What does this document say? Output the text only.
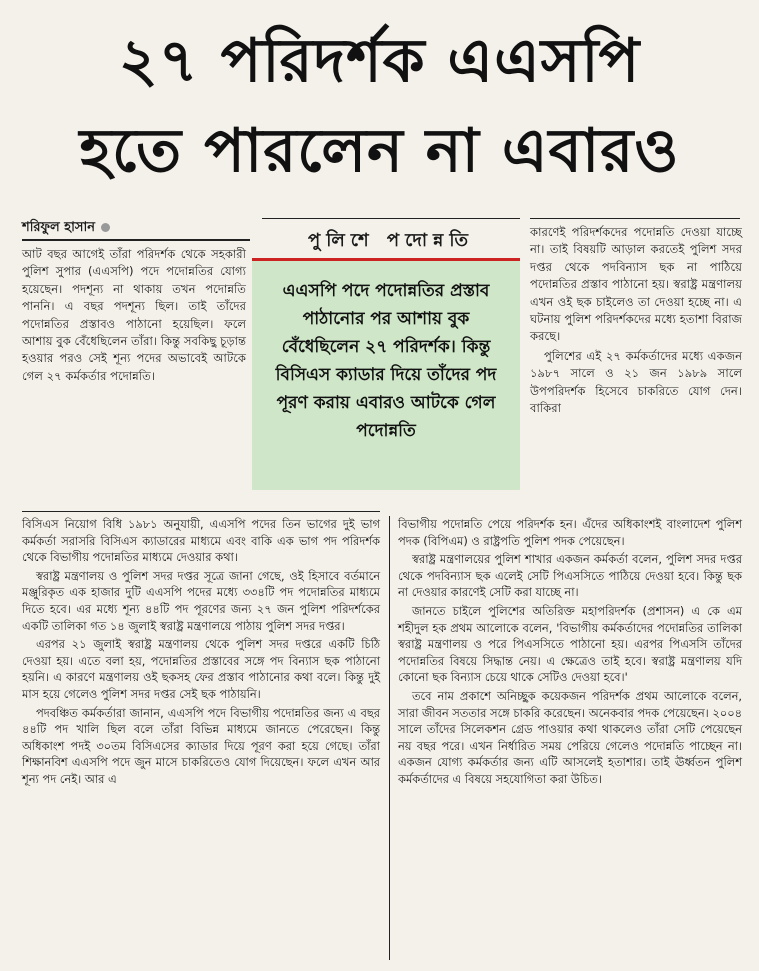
২৭ পরিদর্শক এএসপি
হতে পারলেন না এবারও
শরিফুল হাসান
পুলিশে পদোন্নতি
এএসপি পদে পদোন্নতির প্রস্তাব পাঠানোর পর আশায় বুক বেঁধেছিলেন ২৭ পরিদর্শক। কিন্তু বিসিএস ক্যাডার দিয়ে তাঁদের পদ পূরণ করায় এবারও আটকে গেল পদোন্নতি

আট বছর আগেই তাঁরা পরিদর্শক থেকে সহকারী পুলিশ সুপার (এএসপি) পদে পদোন্নতির যোগ্য হয়েছেন। পদশূন্য না থাকায় তখন পদোন্নতি পাননি। এ বছর পদশূন্য ছিল। তাই তাঁদের পদোন্নতির প্রস্তাবও পাঠানো হয়েছিল। ফলে আশায় বুক বেঁধেছিলেন তাঁরা। কিন্তু সবকিছু চূড়ান্ত হওয়ার পরও সেই শূন্য পদের অভাবেই আটকে গেল ২৭ কর্মকর্তার পদোন্নতি।

কারণেই পরিদর্শকদের পদোন্নতি দেওয়া যাচ্ছে না। তাই বিষয়টি আড়াল করতেই পুলিশ সদর দপ্তর থেকে পদবিন্যাস ছক না পাঠিয়ে পদোন্নতির প্রস্তাব পাঠানো হয়। স্বরাষ্ট্র মন্ত্রণালয় এখন ওই ছক চাইলেও তা দেওয়া হচ্ছে না। এ ঘটনায় পুলিশ পরিদর্শকদের মধ্যে হতাশা বিরাজ করছে।

পুলিশের এই ২৭ কর্মকর্তাদের মধ্যে একজন ১৯৮৭ সালে ও ২১ জন ১৯৮৯ সালে উপপরিদর্শক হিসেবে চাকরিতে যোগ দেন। বাকিরা

বিসিএস নিয়োগ বিধি ১৯৮১ অনুযায়ী, এএসপি পদের তিন ভাগের দুই ভাগ কর্মকর্তা সরাসরি বিসিএস ক্যাডারের মাধ্যমে এবং বাকি এক ভাগ পদ পরিদর্শক থেকে বিভাগীয় পদোন্নতির মাধ্যমে দেওয়ার কথা।

স্বরাষ্ট্র মন্ত্রণালয় ও পুলিশ সদর দপ্তর সূত্রে জানা গেছে, ওই হিসাবে বর্তমানে মঞ্জুরিকৃত এক হাজার দুটি এএসপি পদের মধ্যে ৩৩৪টি পদ পদোন্নতির মাধ্যমে দিতে হবে। এর মধ্যে শূন্য ৪৪টি পদ পূরণের জন্য ২৭ জন পুলিশ পরিদর্শকের একটি তালিকা গত ১৪ জুলাই স্বরাষ্ট্র মন্ত্রণালয়ে পাঠায় পুলিশ সদর দপ্তর।

এরপর ২১ জুলাই স্বরাষ্ট্র মন্ত্রণালয় থেকে পুলিশ সদর দপ্তরে একটি চিঠি দেওয়া হয়। এতে বলা হয়, পদোন্নতির প্রস্তাবের সঙ্গে পদ বিন্যাস ছক পাঠানো হয়নি। এ কারণে মন্ত্রণালয় ওই ছকসহ ফের প্রস্তাব পাঠানোর কথা বলে। কিন্তু দুই মাস হয়ে গেলেও পুলিশ সদর দপ্তর সেই ছক পাঠায়নি।

পদবঞ্চিত কর্মকর্তারা জানান, এএসপি পদে বিভাগীয় পদোন্নতির জন্য এ বছর ৪৪টি পদ খালি ছিল বলে তাঁরা বিভিন্ন মাধ্যমে জানতে পেরেছেন। কিন্তু অধিকাংশ পদই ৩০তম বিসিএসের ক্যাডার দিয়ে পূরণ করা হয়ে গেছে। তাঁরা শিক্ষানবিশ এএসপি পদে জুন মাসে চাকরিতেও যোগ দিয়েছেন। ফলে এখন আর শূন্য পদ নেই। আর এ

বিভাগীয় পদোন্নতি পেয়ে পরিদর্শক হন। এঁদের অধিকাংশই বাংলাদেশ পুলিশ পদক (বিপিএম) ও রাষ্ট্রপতি পুলিশ পদক পেয়েছেন।

স্বরাষ্ট্র মন্ত্রণালয়ের পুলিশ শাখার একজন কর্মকর্তা বলেন, পুলিশ সদর দপ্তর থেকে পদবিন্যাস ছক এলেই সেটি পিএসসিতে পাঠিয়ে দেওয়া হবে। কিন্তু ছক না দেওয়ার কারণেই সেটি করা যাচ্ছে না।

জানতে চাইলে পুলিশের অতিরিক্ত মহাপরিদর্শক (প্রশাসন) এ কে এম শহীদুল হক প্রথম আলোকে বলেন, 'বিভাগীয় কর্মকর্তাদের পদোন্নতির তালিকা স্বরাষ্ট্র মন্ত্রণালয় ও পরে পিএসসিতে পাঠানো হয়। এরপর পিএসসি তাঁদের পদোন্নতির বিষয়ে সিদ্ধান্ত নেয়। এ ক্ষেত্রেও তাই হবে। স্বরাষ্ট্র মন্ত্রণালয় যদি কোনো ছক বিন্যাস চেয়ে থাকে সেটিও দেওয়া হবে।'

তবে নাম প্রকাশে অনিচ্ছুক কয়েকজন পরিদর্শক প্রথম আলোকে বলেন, সারা জীবন সততার সঙ্গে চাকরি করেছেন। অনেকবার পদক পেয়েছেন। ২০০৪ সালে তাঁদের সিলেকশন গ্রেড পাওয়ার কথা থাকলেও তাঁরা সেটি পেয়েছেন নয় বছর পরে। এখন নির্ধারিত সময় পেরিয়ে গেলেও পদোন্নতি পাচ্ছেন না। একজন যোগ্য কর্মকর্তার জন্য এটি আসলেই হতাশার। তাই ঊর্ধ্বতন পুলিশ কর্মকর্তাদের এ বিষয়ে সহযোগিতা করা উচিত।
